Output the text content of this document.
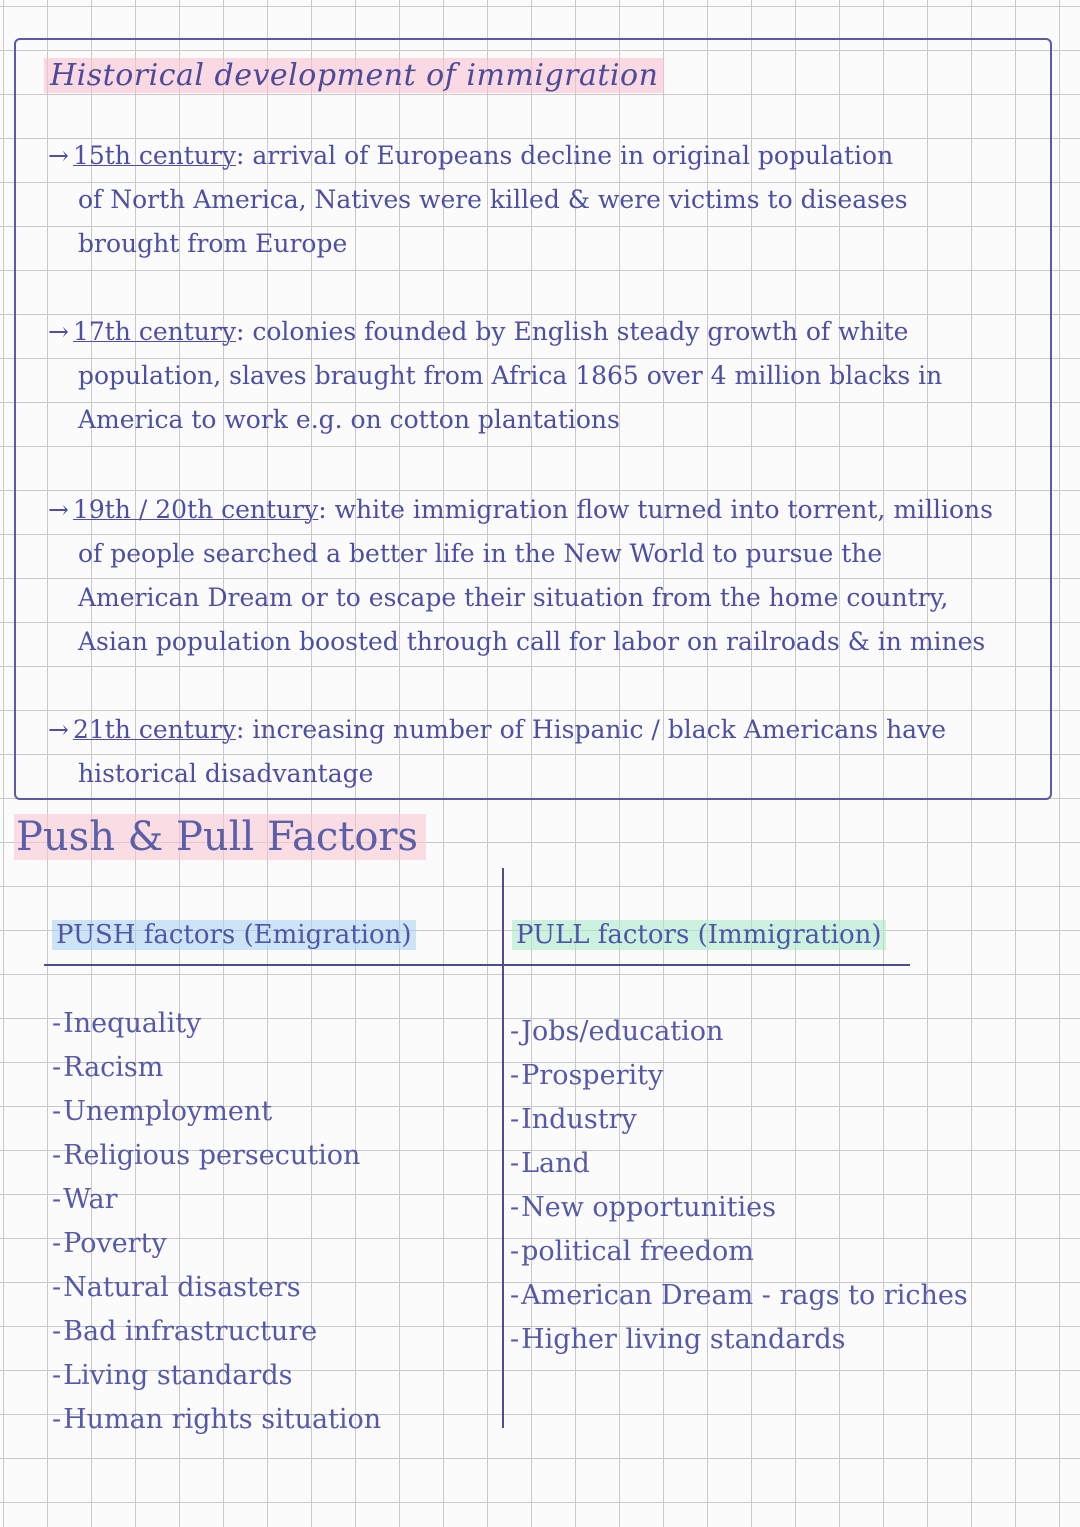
Historical development of immigration
→ 15th century: arrival of Europeans decline in original population
of North America, Natives were killed & were victims to diseases
brought from Europe
→ 17th century: colonies founded by English steady growth of white
population, slaves braught from Africa 1865 over 4 million blacks in
America to work e.g. on cotton plantations
→ 19th / 20th century: white immigration flow turned into torrent, millions
of people searched a better life in the New World to pursue the
American Dream or to escape their situation from the home country,
Asian population boosted through call for labor on railroads & in mines
→ 21th century: increasing number of Hispanic / black Americans have
historical disadvantage
Push & Pull Factors
PUSH factors (Emigration)	PULL factors (Immigration)
- Inequality
- Racism
- Unemployment
- Religious persecution
- War
- Poverty
- Natural disasters
- Bad infrastructure
- Living standards
- Human rights situation
- Jobs/education
- Prosperity
- Industry
- Land
- New opportunities
- political freedom
- American Dream - rags to riches
- Higher living standards
